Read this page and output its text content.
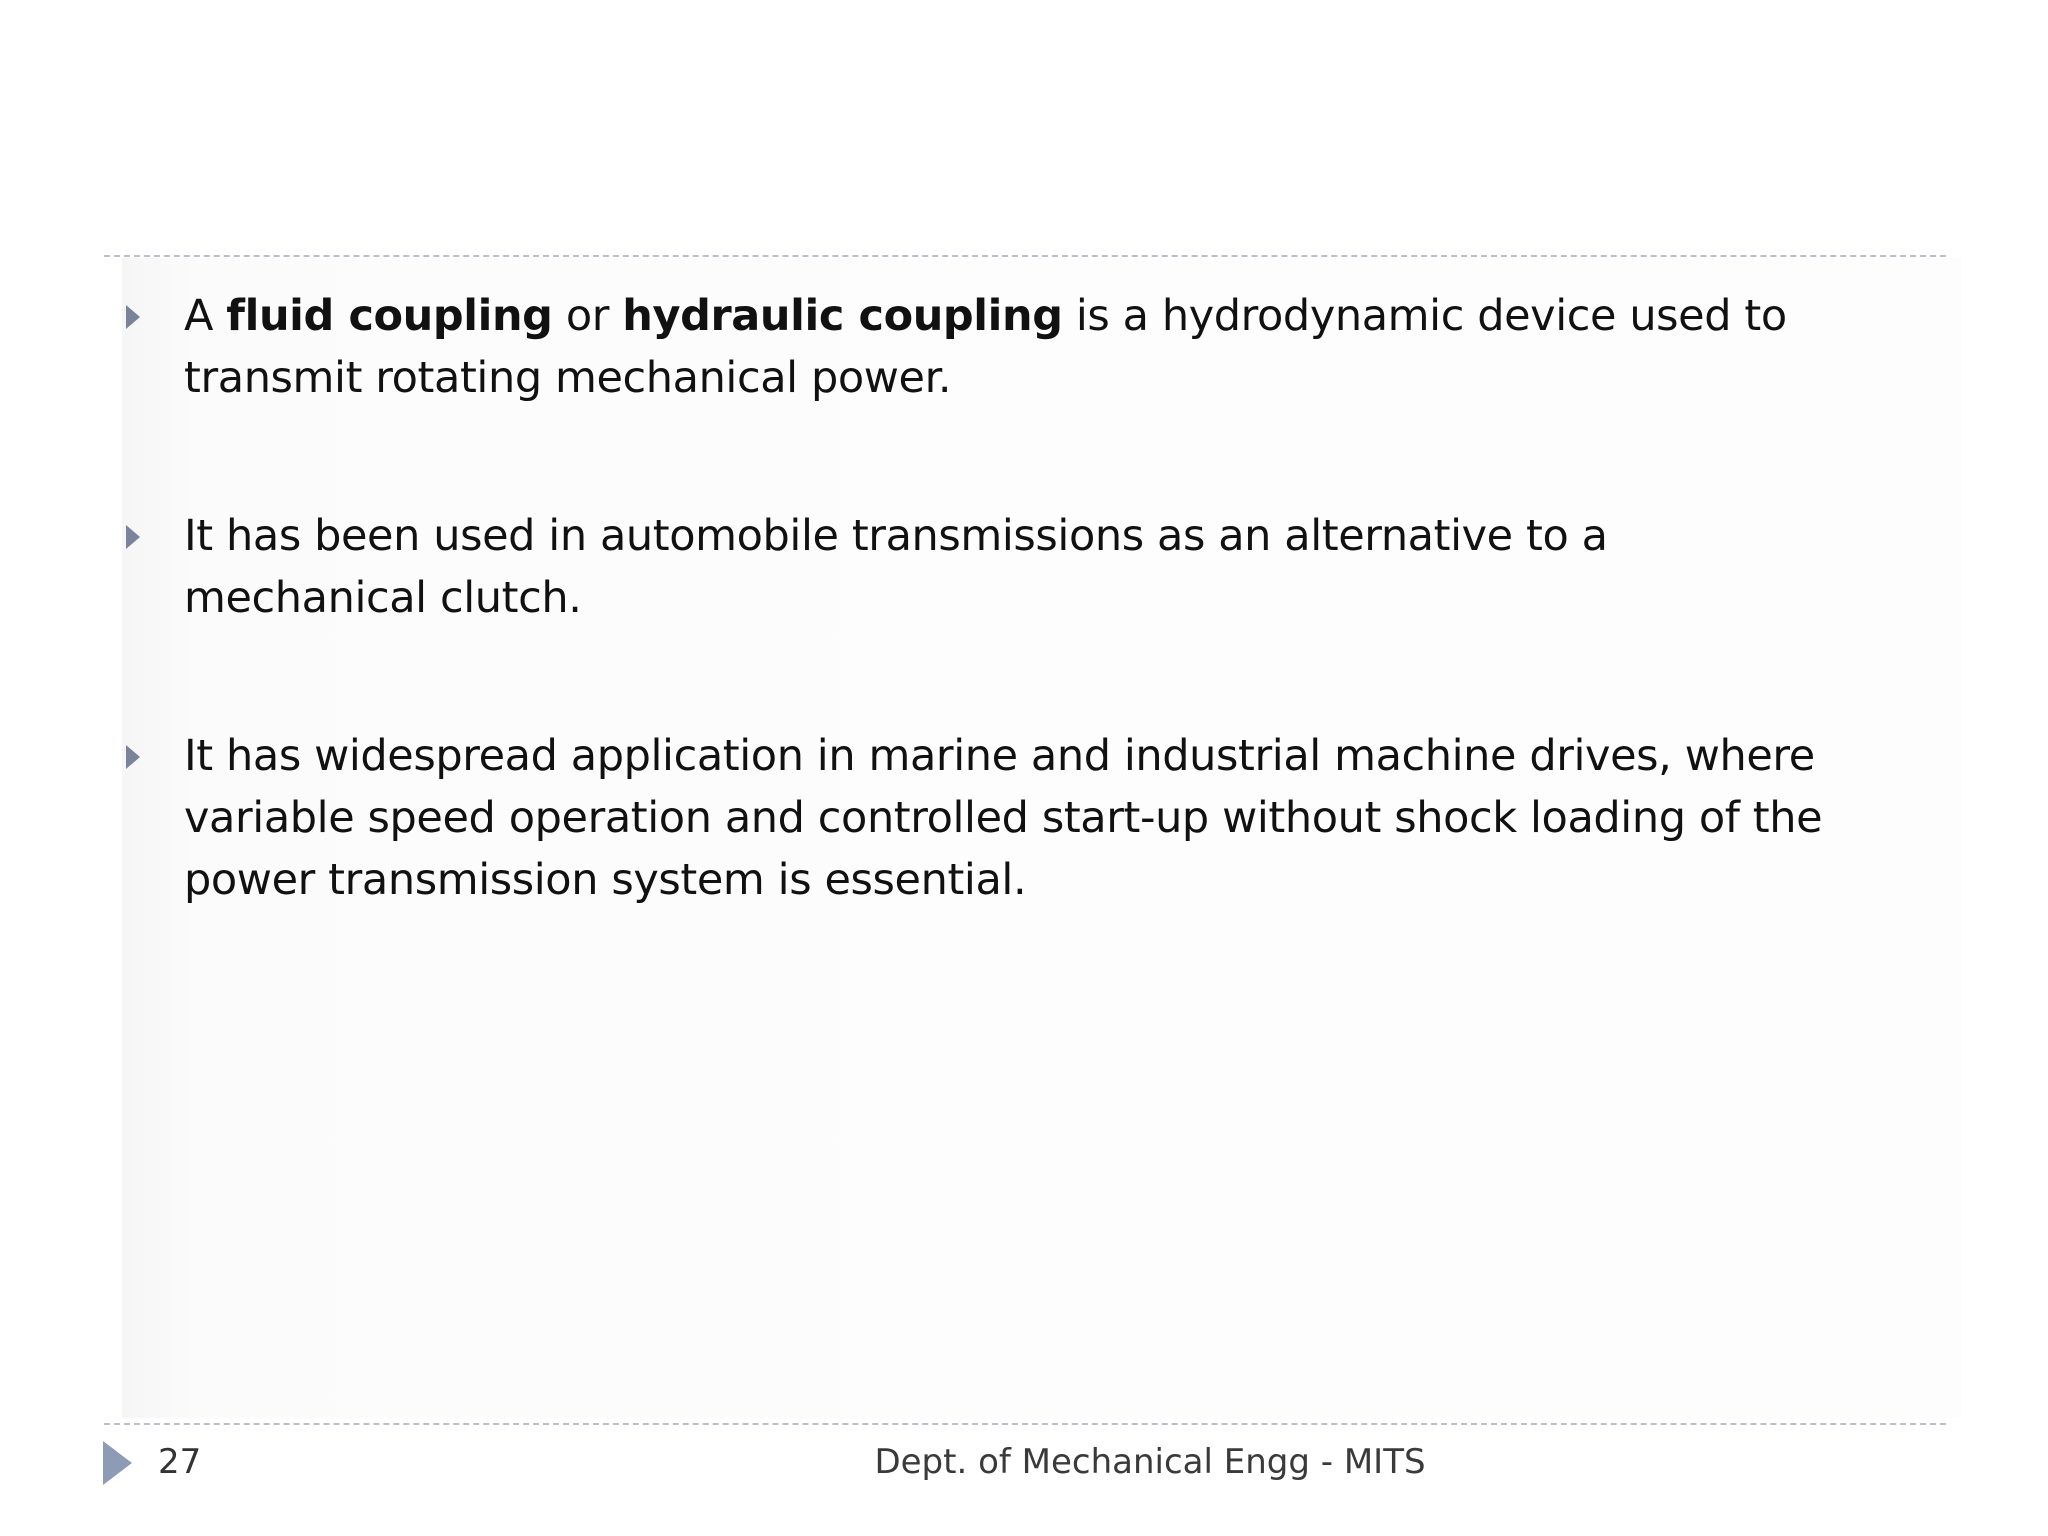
A fluid coupling or hydraulic coupling is a hydrodynamic device used to transmit rotating mechanical power.
It has been used in automobile transmissions as an alternative to a mechanical clutch.
It has widespread application in marine and industrial machine drives, where variable speed operation and controlled start-up without shock loading of the power transmission system is essential.
27	Dept. of Mechanical Engg - MITS
